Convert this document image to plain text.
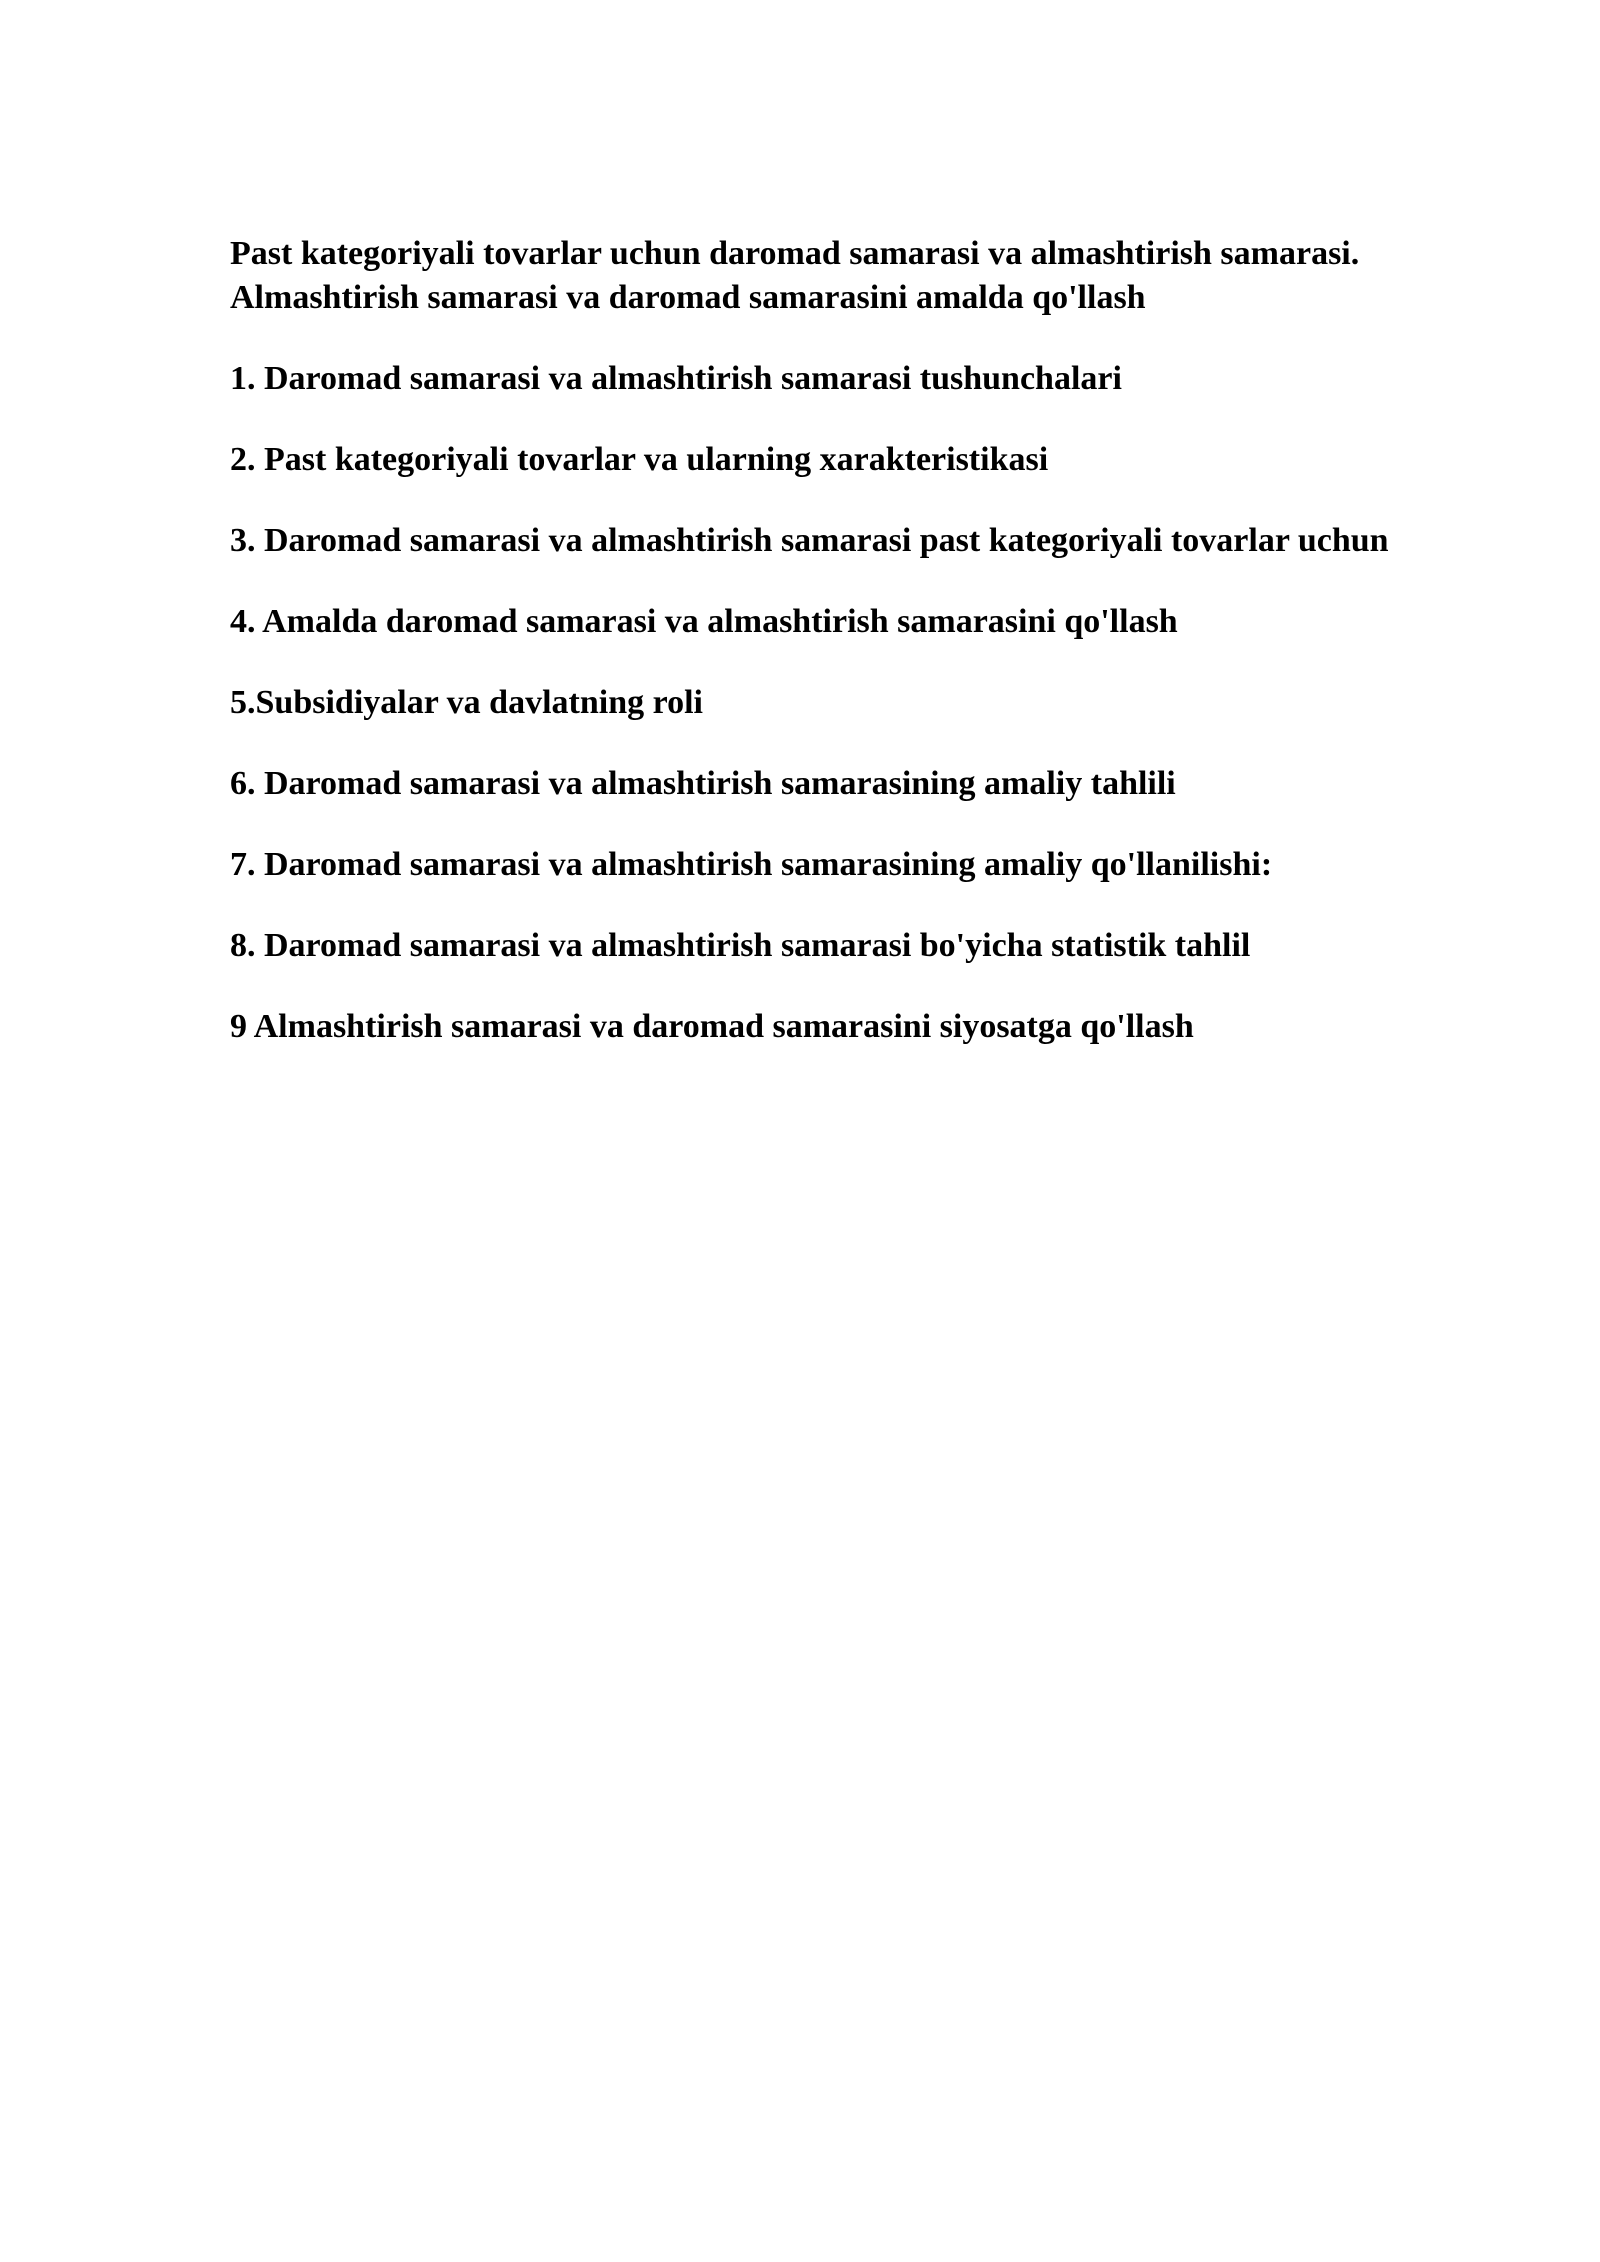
Past kategoriyali tovarlar uchun daromad samarasi va almashtirish samarasi.
Almashtirish samarasi va daromad samarasini amalda qo'llash
1. Daromad samarasi va almashtirish samarasi tushunchalari
2. Past kategoriyali tovarlar va ularning xarakteristikasi
3. Daromad samarasi va almashtirish samarasi past kategoriyali tovarlar uchun
4. Amalda daromad samarasi va almashtirish samarasini qo'llash
5.Subsidiyalar va davlatning roli
6. Daromad samarasi va almashtirish samarasining amaliy tahlili
7. Daromad samarasi va almashtirish samarasining amaliy qo'llanilishi:
8. Daromad samarasi va almashtirish samarasi bo'yicha statistik tahlil
9 Almashtirish samarasi va daromad samarasini siyosatga qo'llash
